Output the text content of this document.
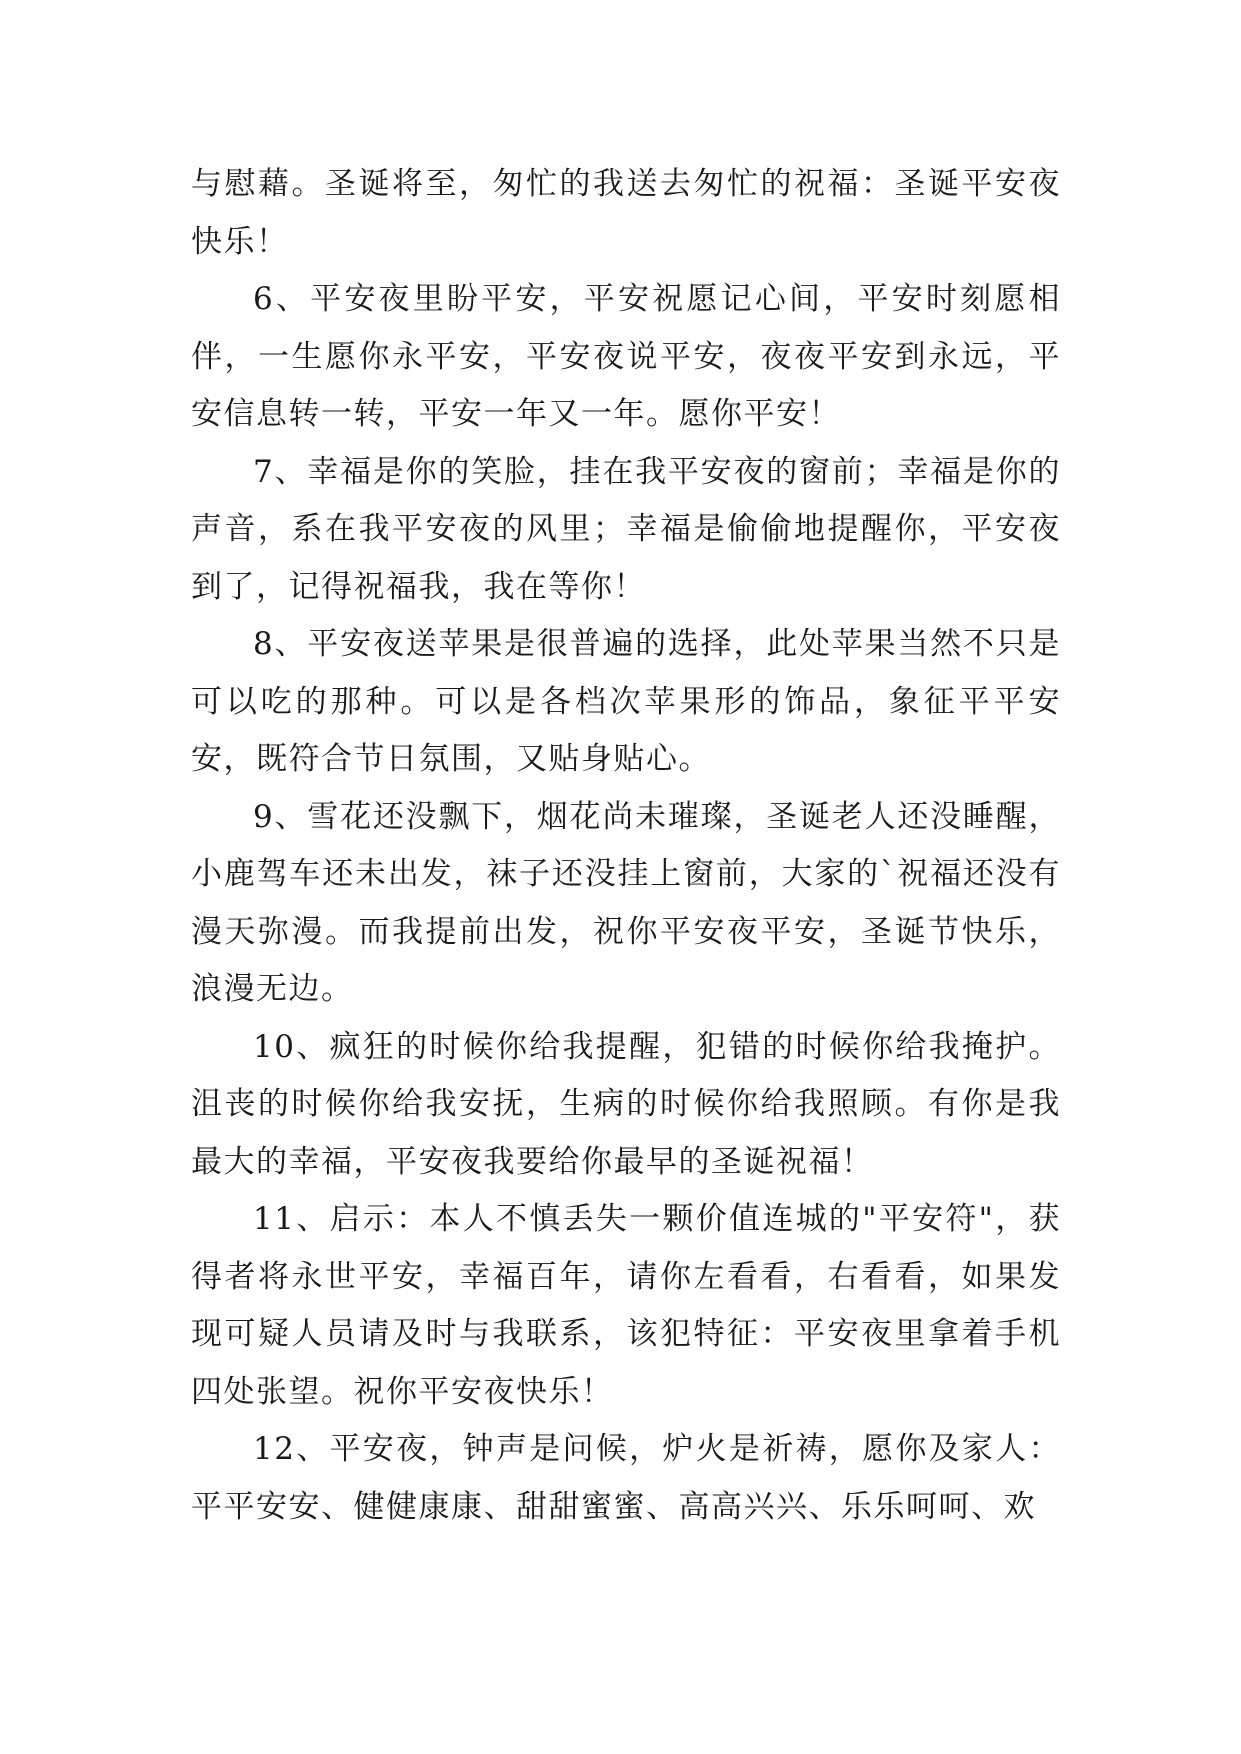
与慰藉。圣诞将至，匆忙的我送去匆忙的祝福：圣诞平安夜快乐！

6、平安夜里盼平安，平安祝愿记心间，平安时刻愿相伴，一生愿你永平安，平安夜说平安，夜夜平安到永远，平安信息转一转，平安一年又一年。愿你平安！

7、幸福是你的笑脸，挂在我平安夜的窗前；幸福是你的声音，系在我平安夜的风里；幸福是偷偷地提醒你，平安夜到了，记得祝福我，我在等你！

8、平安夜送苹果是很普遍的选择，此处苹果当然不只是可以吃的那种。可以是各档次苹果形的饰品，象征平平安安，既符合节日氛围，又贴身贴心。

9、雪花还没飘下，烟花尚未璀璨，圣诞老人还没睡醒，小鹿驾车还未出发，袜子还没挂上窗前，大家的`祝福还没有漫天弥漫。而我提前出发，祝你平安夜平安，圣诞节快乐，浪漫无边。

10、疯狂的时候你给我提醒，犯错的时候你给我掩护。沮丧的时候你给我安抚，生病的时候你给我照顾。有你是我最大的幸福，平安夜我要给你最早的圣诞祝福！

11、启示：本人不慎丢失一颗价值连城的"平安符"，获得者将永世平安，幸福百年，请你左看看，右看看，如果发现可疑人员请及时与我联系，该犯特征：平安夜里拿着手机四处张望。祝你平安夜快乐！

12、平安夜，钟声是问候，炉火是祈祷，愿你及家人：平平安安、健健康康、甜甜蜜蜜、高高兴兴、乐乐呵呵、欢
